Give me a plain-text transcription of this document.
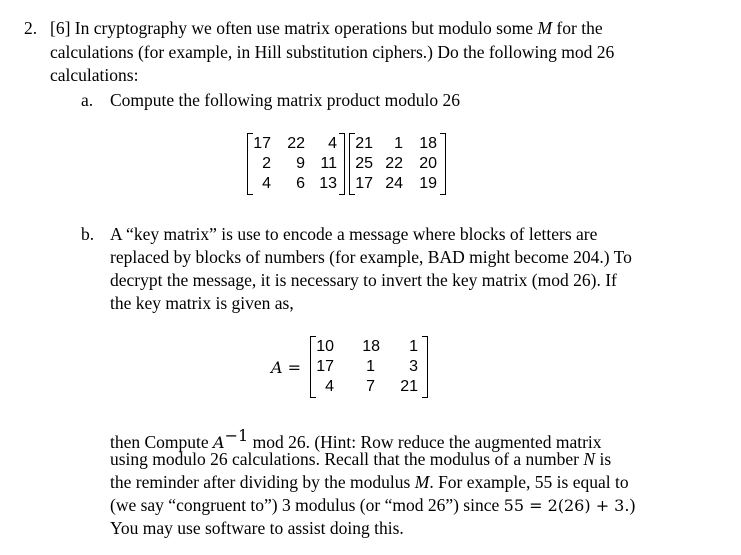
2. [6] In cryptography we often use matrix operations but modulo some M for the
calculations (for example, in Hill substitution ciphers.) Do the following mod 26
calculations:
a. Compute the following matrix product modulo 26
17 22	4
2	9 11
4	6 13
21	1 18
25 22 20
17 24 19
b. A “key matrix” is use to encode a message where blocks of letters are
replaced by blocks of numbers (for example, BAD might become 204.) To
decrypt the message, it is necessary to invert the key matrix (mod 26). If
the key matrix is given as,
A =
10	18	1
17	1	3
4	7 21
then Compute $A^{-1}$ mod 26. (Hint: Row reduce the augmented matrix
using modulo 26 calculations. Recall that the modulus of a number N is
the reminder after dividing by the modulus M. For example, 55 is equal to
(we say “congruent to”) 3 modulus (or “mod 26”) since 55 = 2(26) + 3.)
You may use software to assist doing this.
